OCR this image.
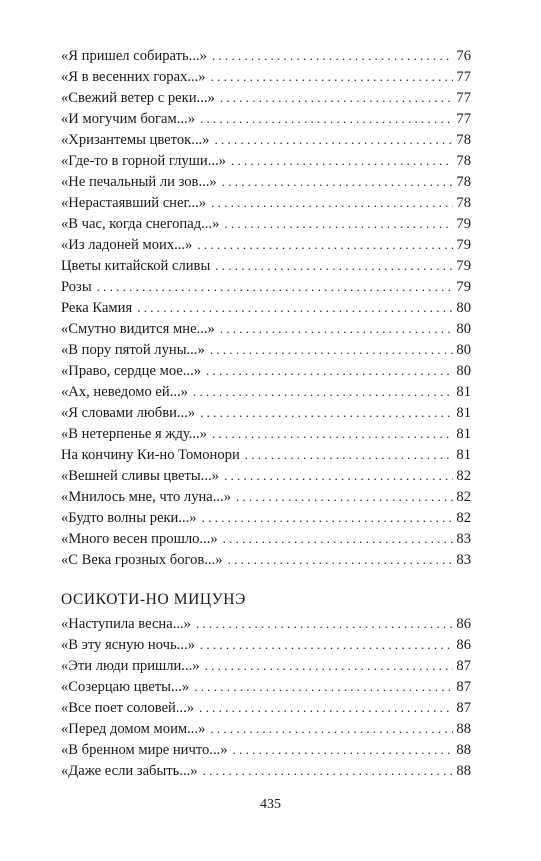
«Я пришел собирать...» . . .	76
«Я в весенних горах...» . . .	77
«Свежий ветер с реки...» . . .	77
«И могучим богам...» . . .	77
«Хризантемы цветок...» . . .	78
«Где-то в горной глуши...» . . .	78
«Не печальный ли зов...» . . .	78
«Нерастаявший снег...» . . .	78
«В час, когда снегопад...» . . .	79
«Из ладоней моих...» . . .	79
Цветы китайской сливы . . .	79
Розы . . .	79
Река Камия . . .	80
«Смутно видится мне...» . . .	80
«В пору пятой луны...» . . .	80
«Право, сердце мое...» . . .	80
«Ах, неведомо ей...» . . .	81
«Я словами любви...» . . .	81
«В нетерпенье я жду...» . . .	81
На кончину Ки-но Томонори . . .	81
«Вешней сливы цветы...» . . .	82
«Мнилось мне, что луна...» . . .	82
«Будто волны реки...» . . .	82
«Много весен прошло...» . . .	83
«С Века грозных богов...» . . .	83
ОСИКОТИ-НО МИЦУНЭ
«Наступила весна...» . . .	86
«В эту ясную ночь...» . . .	86
«Эти люди пришли...» . . .	87
«Созерцаю цветы...» . . .	87
«Все поет соловей...» . . .	87
«Перед домом моим...» . . .	88
«В бренном мире ничто...» . . .	88
«Даже если забыть...» . . .	88
435
